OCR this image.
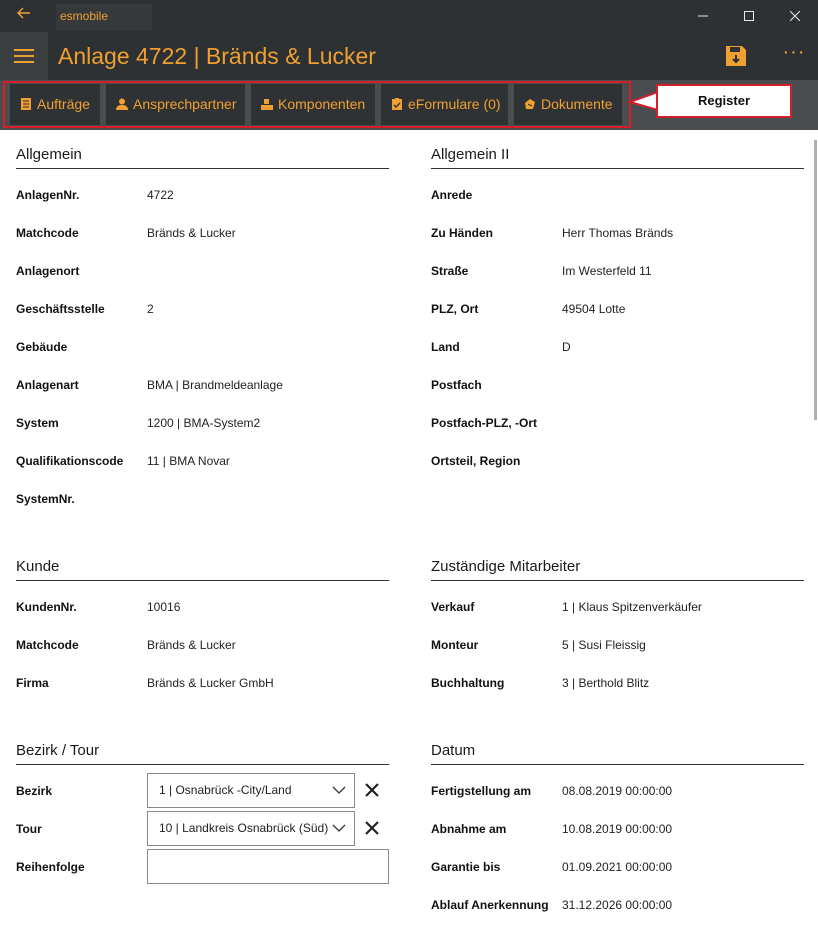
esmobile
Anlage 4722 | Bränds & Lucker	···
Aufträge	Ansprechpartner	Komponenten	eFormulare (0)	Dokumente	Register
Allgemein	Allgemein II
Kunde	Zuständige Mitarbeiter
Bezirk / Tour
Bezirk	1 | Osnabrück -City/Land
Tour	10 | Landkreis Osnabrück (Süd)
Reihenfolge
Datum
AnlagenNr.	4722
Matchcode	Bränds & Lucker
Anlagenort
Geschäftsstelle	2
Gebäude
Anlagenart	BMA | Brandmeldeanlage
System	1200 | BMA-System2
Qualifikationscode 11 | BMA Novar
SystemNr.
Anrede
Zu Händen	Herr Thomas Bränds
Straße	Im Westerfeld 11
PLZ, Ort	49504 Lotte
Land	D
Postfach
Postfach-PLZ, -Ort
Ortsteil, Region
KundenNr.	10016
Matchcode	Bränds & Lucker
Firma	Bränds & Lucker GmbH
Verkauf	1 | Klaus Spitzenverkäufer
Monteur	5 | Susi Fleissig
Buchhaltung	3 | Berthold Blitz
Fertigstellung am	08.08.2019 00:00:00
Abnahme am	10.08.2019 00:00:00
Garantie bis	01.09.2021 00:00:00
Ablauf Anerkennung 31.12.2026 00:00:00
